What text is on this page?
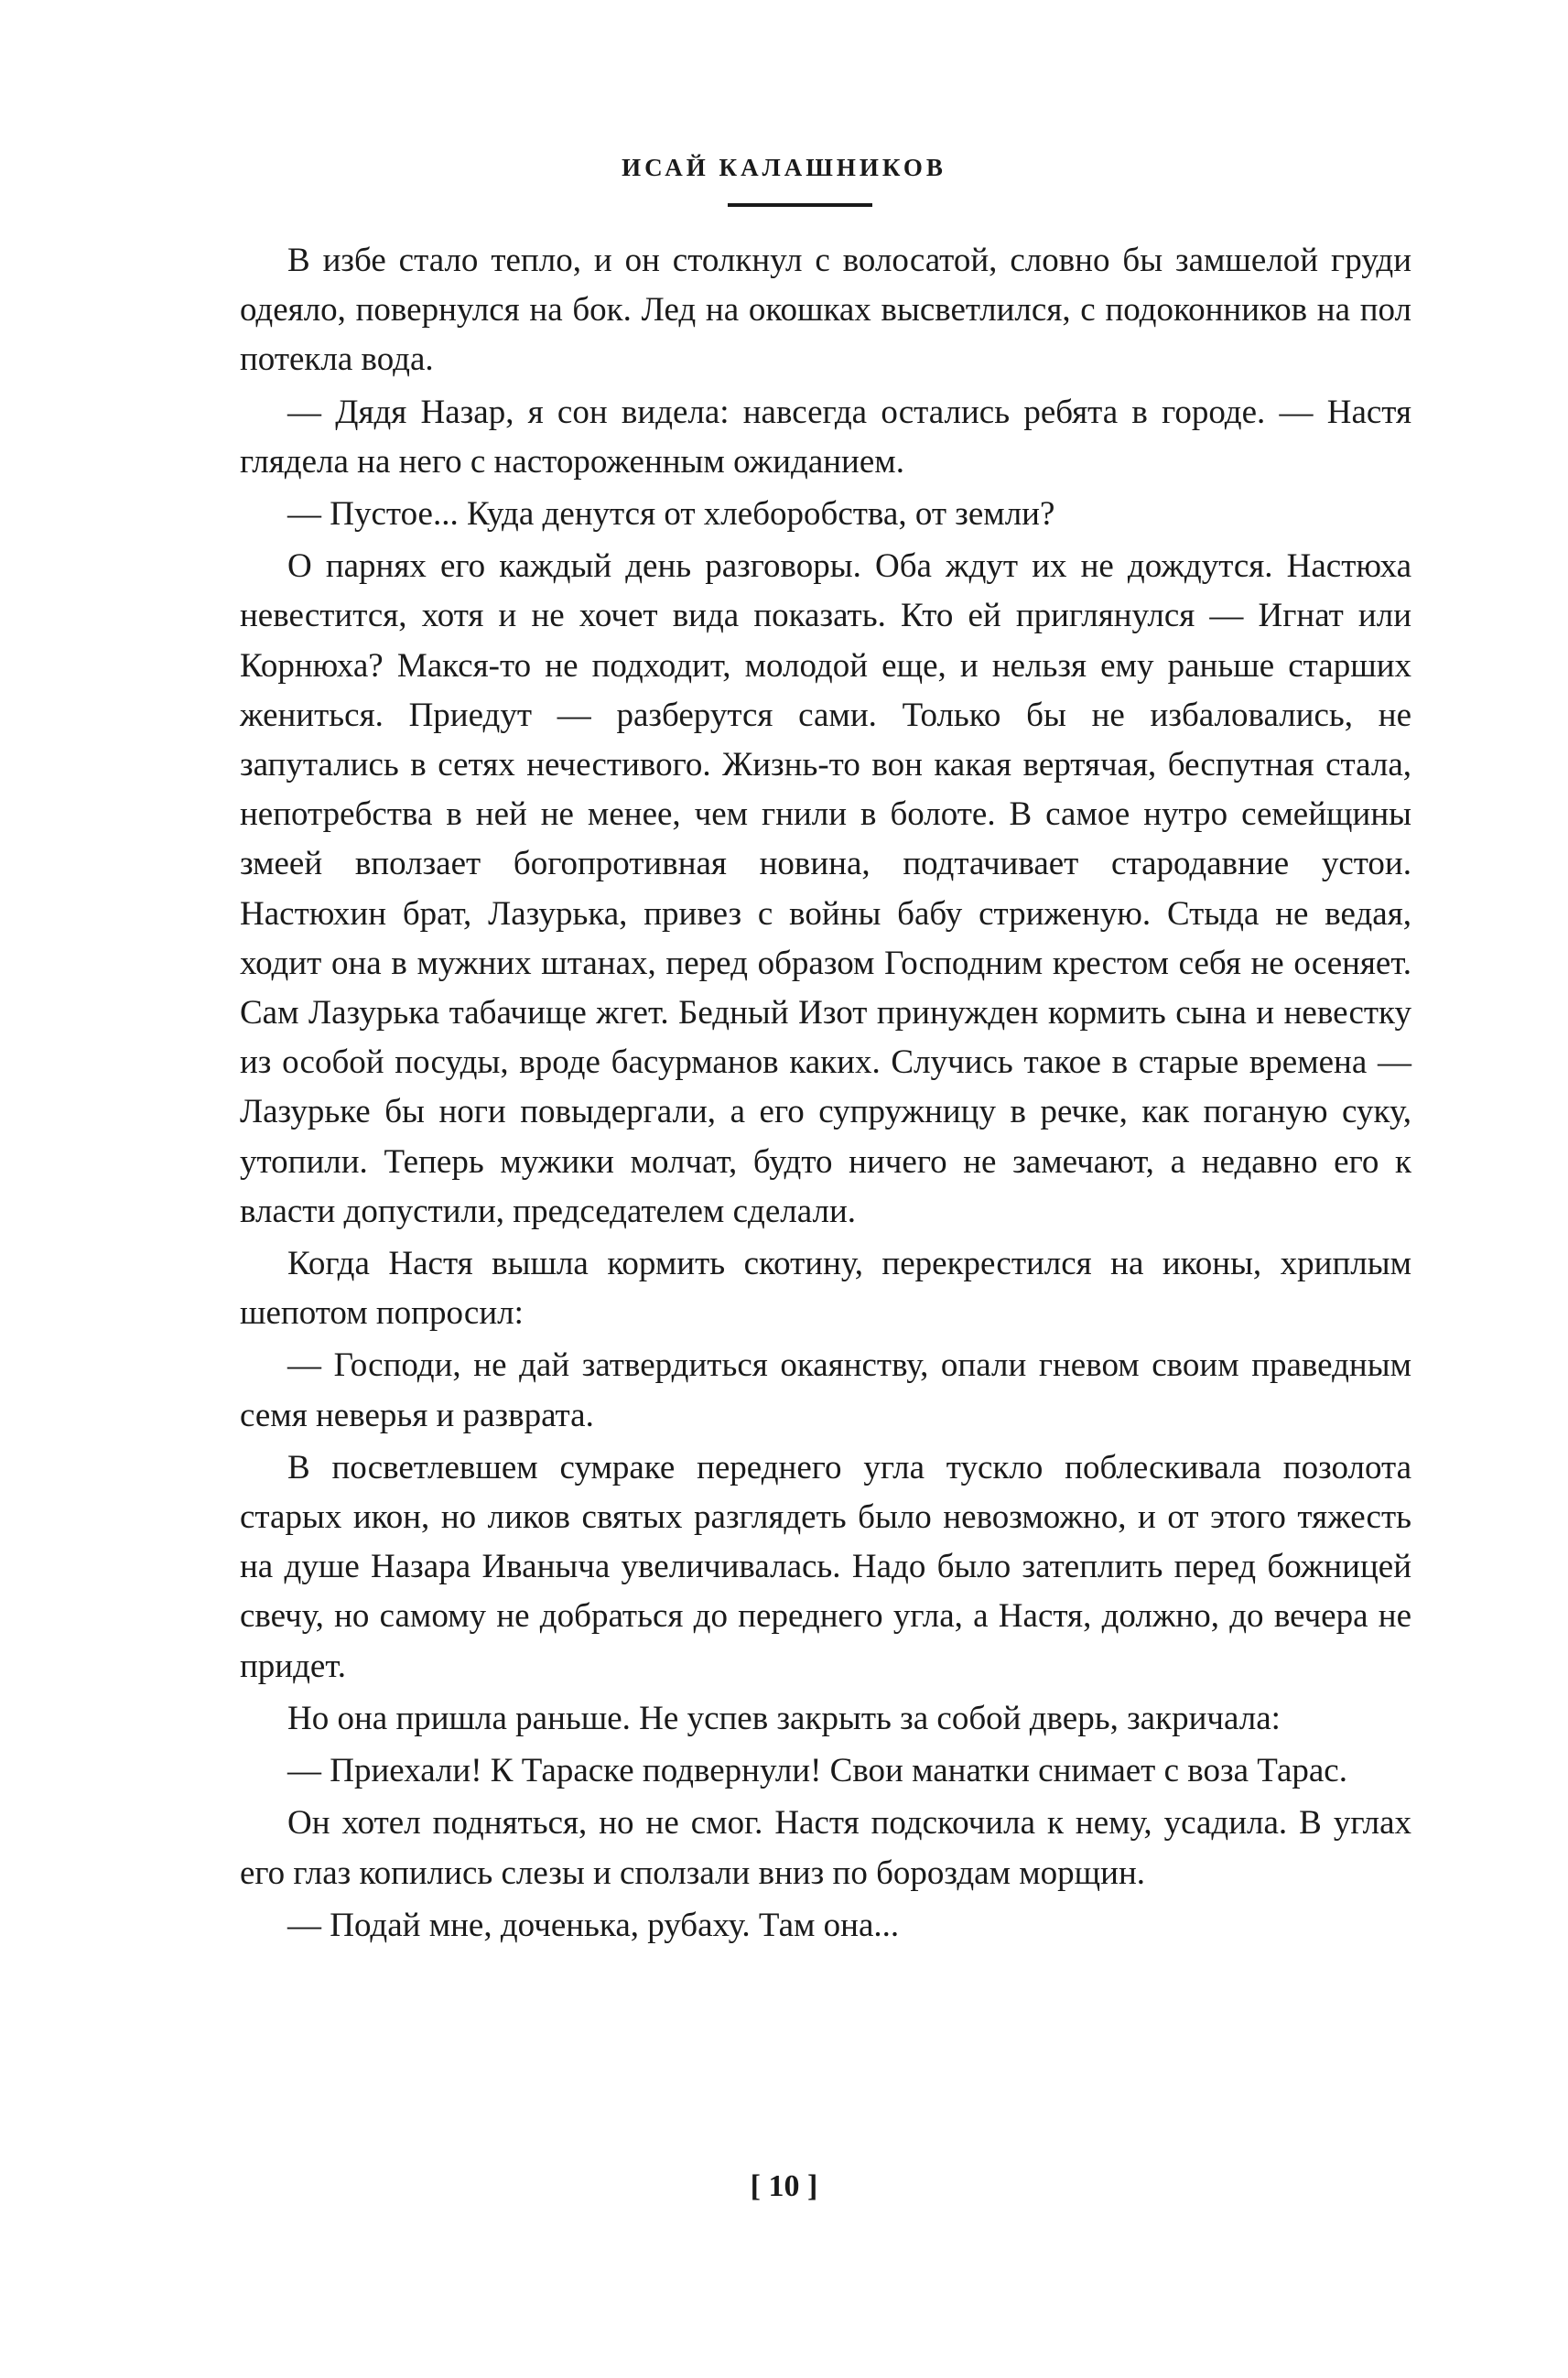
ИСАЙ КАЛАШНИКОВ

В избе стало тепло, и он столкнул с волосатой, словно бы замшелой груди одеяло, повернулся на бок. Лед на окошках высветлился, с подоконников на пол потекла вода.

— Дядя Назар, я сон видела: навсегда остались ребята в городе. — Настя глядела на него с настороженным ожиданием.

— Пустое... Куда денутся от хлеборобства, от земли?

О парнях его каждый день разговоры. Оба ждут их не дождутся. Настюха невестится, хотя и не хочет вида показать. Кто ей приглянулся — Игнат или Корнюха? Макся-то не подходит, молодой еще, и нельзя ему раньше старших жениться. Приедут — разберутся сами. Только бы не избаловались, не запутались в сетях нечестивого. Жизнь-то вон какая вертячая, беспутная стала, непотребства в ней не менее, чем гнили в болоте. В самое нутро семейщины змеей вползает богопротивная новина, подтачивает стародавние устои. Настюхин брат, Лазурька, привез с войны бабу стриженую. Стыда не ведая, ходит она в мужних штанах, перед образом Господним крестом себя не осеняет. Сам Лазурька табачище жгет. Бедный Изот принужден кормить сына и невестку из особой посуды, вроде басурманов каких. Случись такое в старые времена — Лазурьке бы ноги повыдергали, а его супружницу в речке, как поганую суку, утопили. Теперь мужики молчат, будто ничего не замечают, а недавно его к власти допустили, председателем сделали.

Когда Настя вышла кормить скотину, перекрестился на иконы, хриплым шепотом попросил:

— Господи, не дай затвердиться окаянству, опали гневом своим праведным семя неверья и разврата.

В посветлевшем сумраке переднего угла тускло поблескивала позолота старых икон, но ликов святых разглядеть было невозможно, и от этого тяжесть на душе Назара Иваныча увеличивалась. Надо было затеплить перед божницей свечу, но самому не добраться до переднего угла, а Настя, должно, до вечера не придет.

Но она пришла раньше. Не успев закрыть за собой дверь, закричала:

— Приехали! К Тараске подвернули! Свои манатки снимает с воза Тарас.

Он хотел подняться, но не смог. Настя подскочила к нему, усадила. В углах его глаз копились слезы и сползали вниз по бороздам морщин.

— Подай мне, доченька, рубаху. Там она...

[ 10 ]
